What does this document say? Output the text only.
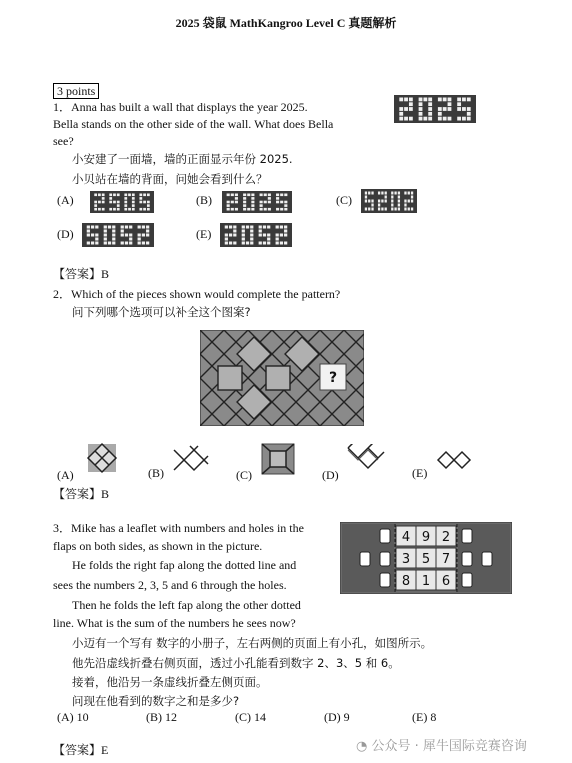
2025 袋鼠 MathKangroo Level C 真题解析
3 points
1．Anna has built a wall that displays the year 2025.
Bella stands on the other side of the wall. What does Bella
see?
小安建了一面墙，墙的正面显示年份 2025.
小贝站在墙的背面，问她会看到什么？
(A)	(B)	(C)
(D)	(E)
【答案】B
2．Which of the pieces shown would complete the pattern?
问下列哪个选项可以补全这个图案?
?
(A)	(B)	(C)	(D)	(E)
【答案】B
3．Mike has a leaflet with numbers and holes in the
flaps on both sides, as shown in the picture.
He folds the right fap along the dotted line and
sees the numbers 2, 3, 5 and 6 through the holes.
Then he folds the left fap along the other dotted
line. What is the sum of the numbers he sees now?
小迈有一个写有 数字的小册子，左右两侧的页面上有小孔，如图所示。
他先沿虚线折叠右侧页面，透过小孔能看到数字 2、3、5 和 6。
接着，他沿另一条虚线折叠左侧页面。
问现在他看到的数字之和是多少?
4 9 2
3 5 7
8 1 6
(A) 10	(B) 12	(C) 14	(D) 9	(E) 8
【答案】E	◔ 公众号 · 犀牛国际竞赛咨询
